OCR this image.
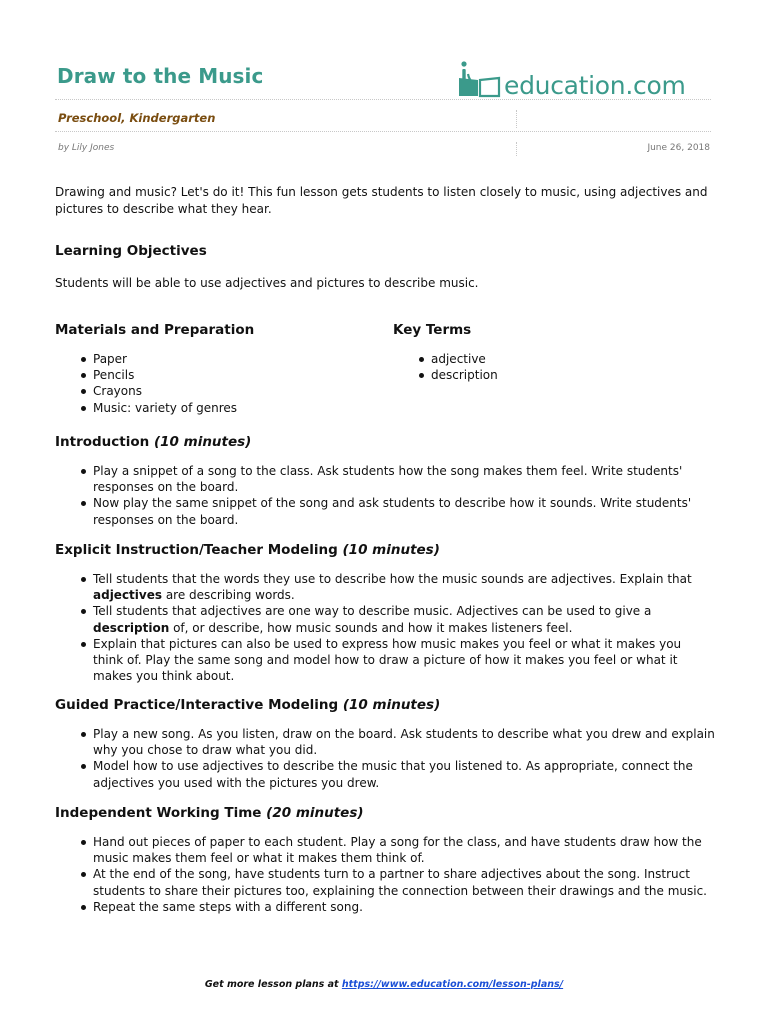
Draw to the Music	education.com
Preschool, Kindergarten
by Lily Jones	June 26, 2018
Drawing and music? Let's do it! This fun lesson gets students to listen closely to music, using adjectives and pictures to describe what they hear.
Learning Objectives
Students will be able to use adjectives and pictures to describe music.
Materials and Preparation
Paper
Pencils
Crayons
Music: variety of genres
Key Terms
adjective
description
Introduction (10 minutes)
Play a snippet of a song to the class. Ask students how the song makes them feel. Write students' responses on the board.
Now play the same snippet of the song and ask students to describe how it sounds. Write students' responses on the board.
Explicit Instruction/Teacher Modeling (10 minutes)
Tell students that the words they use to describe how the music sounds are adjectives. Explain that adjectives are describing words.
Tell students that adjectives are one way to describe music. Adjectives can be used to give a description of, or describe, how music sounds and how it makes listeners feel.
Explain that pictures can also be used to express how music makes you feel or what it makes you think of. Play the same song and model how to draw a picture of how it makes you feel or what it makes you think about.
Guided Practice/Interactive Modeling (10 minutes)
Play a new song. As you listen, draw on the board. Ask students to describe what you drew and explain why you chose to draw what you did.
Model how to use adjectives to describe the music that you listened to. As appropriate, connect the adjectives you used with the pictures you drew.
Independent Working Time (20 minutes)
Hand out pieces of paper to each student. Play a song for the class, and have students draw how the music makes them feel or what it makes them think of.
At the end of the song, have students turn to a partner to share adjectives about the song. Instruct students to share their pictures too, explaining the connection between their drawings and the music.
Repeat the same steps with a different song.
Get more lesson plans at https://www.education.com/lesson-plans/
